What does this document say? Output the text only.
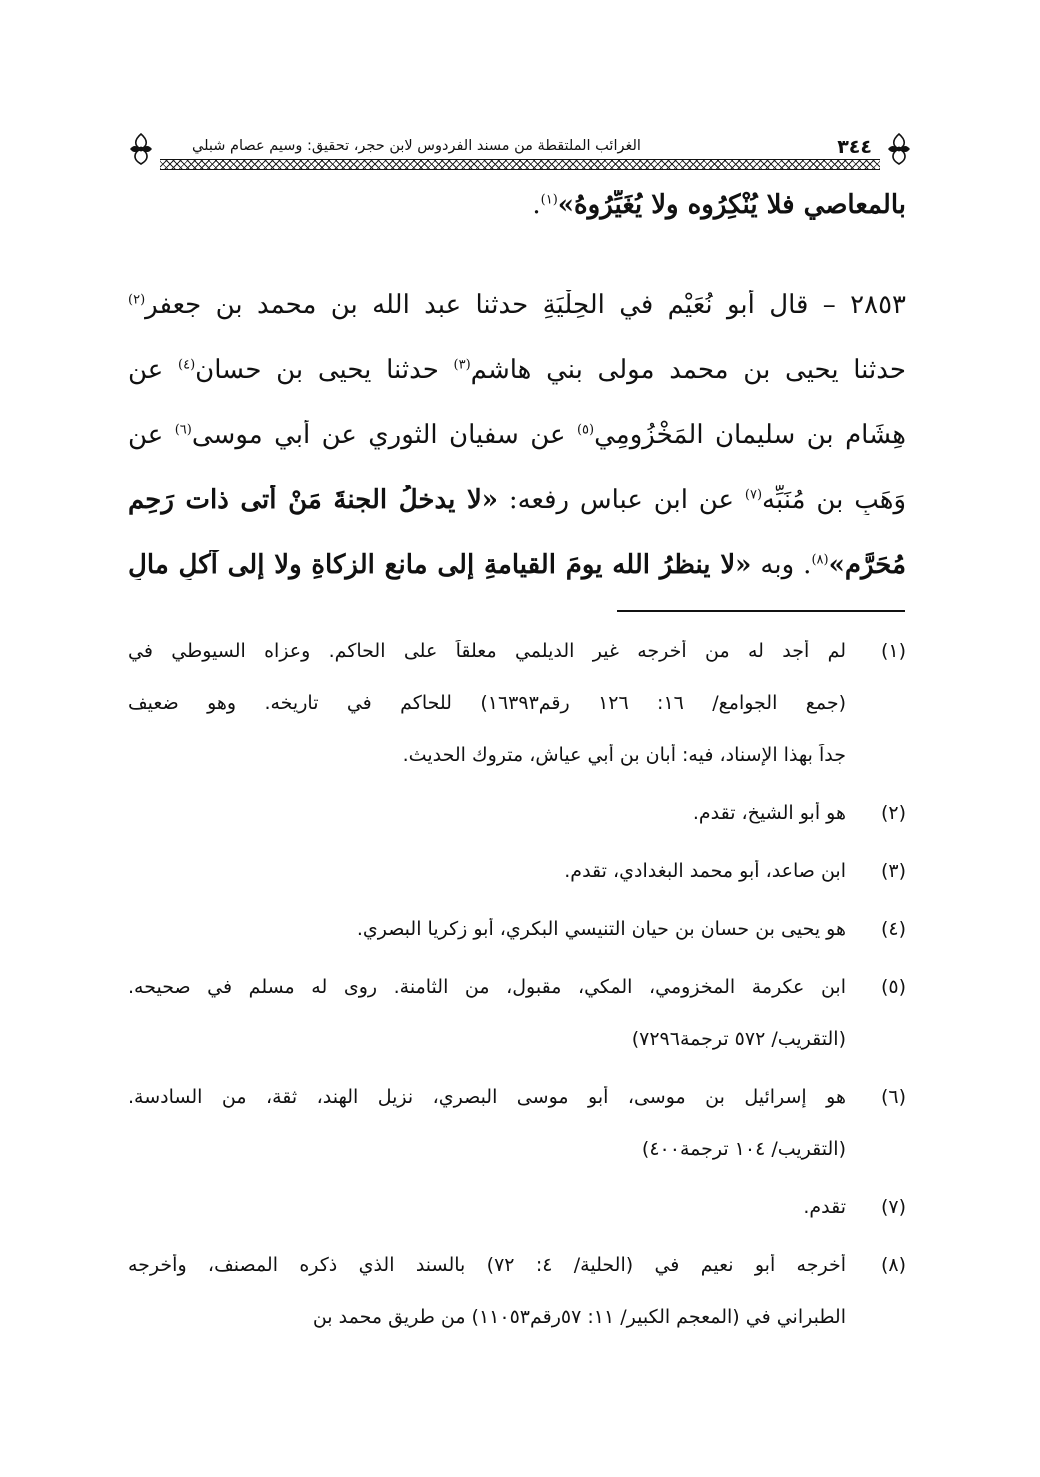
٣٤٤
الغرائب الملتقطة من مسند الفردوس لابن حجر، تحقيق: وسيم عصام شبلي
بالمعاصي فلا يُنْكِرُوه ولا يُغَيِّرُوهُ»$^{(١)}$.
٢٨٥٣ – قال أبو نُعَيْمٍ في الحِلْيَةِ حدثنا عبد الله بن محمد بن جعفر$^{(٢)}$
حدثنا يحيى بن محمد مولى بني هاشم$^{(٣)}$ حدثنا يحيى بن حسان$^{(٤)}$ عن
هِشَام بن سليمان المَخْزُومِي$^{(٥)}$ عن سفيان الثوري عن أبي موسى$^{(٦)}$ عن
وَهَبِ بن مُنَبِّه$^{(٧)}$ عن ابن عباس رفعه: «لا يدخلُ الجنةَ مَنْ أتى ذات رَحِمٍ
مُحَرَّمٍ»$^{(٨)}$. وبه «لا ينظرُ الله يومَ القيامةِ إلى مانعِ الزكاةِ ولا إلى آكلِ مالِ
(١)
لم أجد له من أخرجه غير الديلمي معلقاً على الحاكم. وعزاه السيوطي في
(جمع الجوامع/ ١٦: ١٢٦ رقم١٦٣٩٣) للحاكم في تاريخه. وهو ضعيف
جداً بهذا الإسناد، فيه: أبان بن أبي عياش، متروك الحديث.
(٢)
هو أبو الشيخ، تقدم.
(٣)
ابن صاعد، أبو محمد البغدادي، تقدم.
(٤)
هو يحيى بن حسان بن حيان التنيسي البكري، أبو زكريا البصري.
(٥)
ابن عكرمة المخزومي، المكي، مقبول، من الثامنة. روى له مسلم في صحيحه.
(التقريب/ ٥٧٢ ترجمة٧٢٩٦)
(٦)
هو إسرائيل بن موسى، أبو موسى البصري، نزيل الهند، ثقة، من السادسة.
(التقريب/ ١٠٤ ترجمة٤٠٠)
(٧)
تقدم.
(٨)
أخرجه أبو نعيم في (الحلية/ ٤: ٧٢) بالسند الذي ذكره المصنف، وأخرجه
الطبراني في (المعجم الكبير/ ١١: ٥٧رقم١١٠٥٣) من طريق محمد بن
